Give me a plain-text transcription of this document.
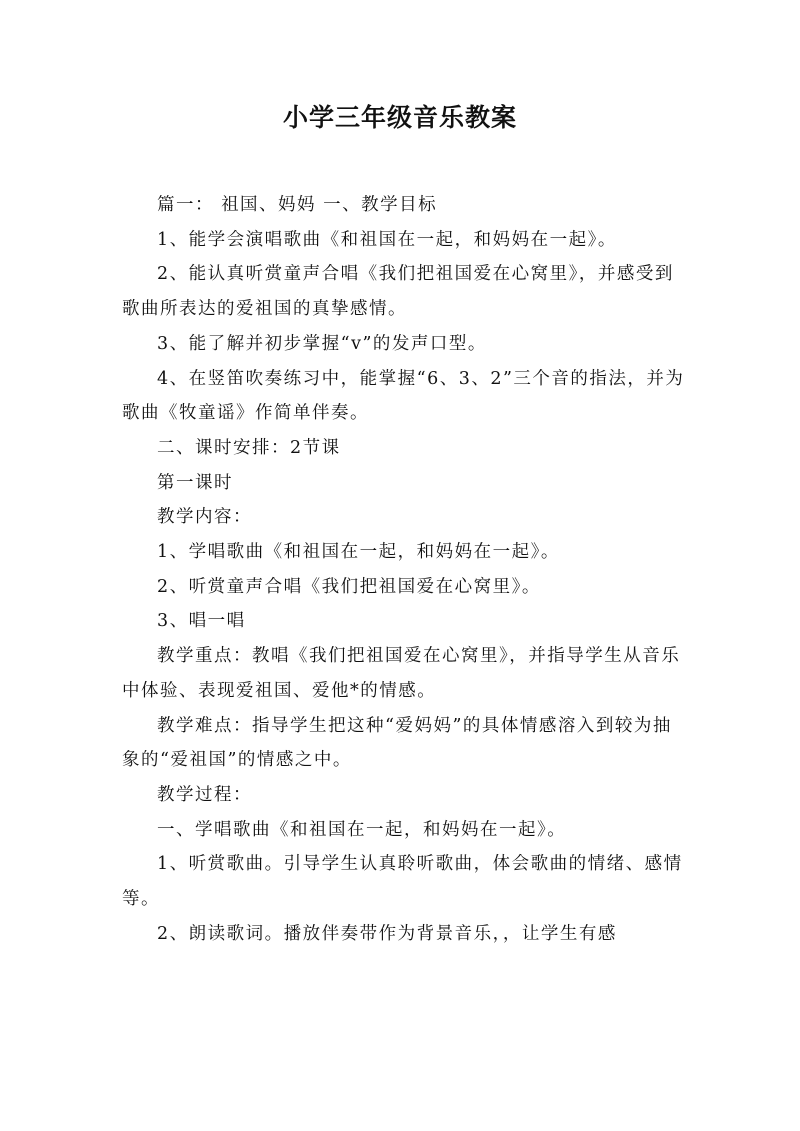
小学三年级音乐教案

篇一： 祖国、妈妈 一、教学目标

1、能学会演唱歌曲《和祖国在一起，和妈妈在一起》。

2、能认真听赏童声合唱《我们把祖国爱在心窝里》，并感受到歌曲所表达的爱祖国的真挚感情。

3、能了解并初步掌握“v”的发声口型。

4、在竖笛吹奏练习中，能掌握“6、3、2”三个音的指法，并为歌曲《牧童谣》作简单伴奏。

二、课时安排：2节课

第一课时

教学内容：

1、学唱歌曲《和祖国在一起，和妈妈在一起》。

2、听赏童声合唱《我们把祖国爱在心窝里》。

3、唱一唱

教学重点：教唱《我们把祖国爱在心窝里》，并指导学生从音乐中体验、表现爱祖国、爱他*的情感。

教学难点：指导学生把这种“爱妈妈”的具体情感溶入到较为抽象的“爱祖国”的情感之中。

教学过程：

一、学唱歌曲《和祖国在一起，和妈妈在一起》。

1、听赏歌曲。引导学生认真聆听歌曲，体会歌曲的情绪、感情等。

2、朗读歌词。播放伴奏带作为背景音乐，，让学生有感
